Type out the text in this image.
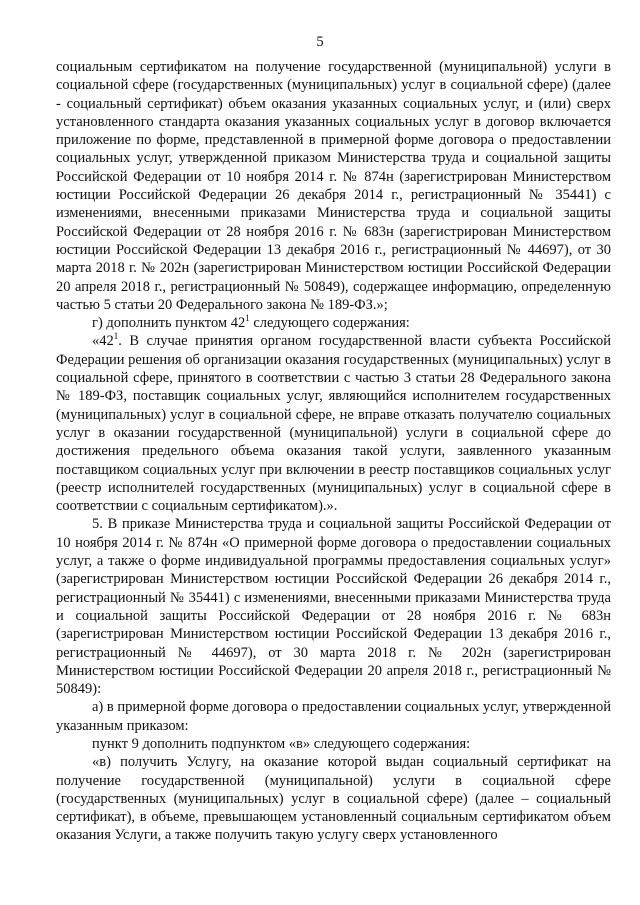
5

социальным сертификатом на получение государственной (муниципальной) услуги в социальной сфере (государственных (муниципальных) услуг в социальной сфере) (далее - социальный сертификат) объем оказания указанных социальных услуг, и (или) сверх установленного стандарта оказания указанных социальных услуг в договор включается приложение по форме, представленной в примерной форме договора о предоставлении социальных услуг, утвержденной приказом Министерства труда и социальной защиты Российской Федерации от 10 ноября 2014 г. № 874н (зарегистрирован Министерством юстиции Российской Федерации 26 декабря 2014 г., регистрационный № 35441) с изменениями, внесенными приказами Министерства труда и социальной защиты Российской Федерации от 28 ноября 2016 г. № 683н (зарегистрирован Министерством юстиции Российской Федерации 13 декабря 2016 г., регистрационный № 44697), от 30 марта 2018 г. № 202н (зарегистрирован Министерством юстиции Российской Федерации 20 апреля 2018 г., регистрационный № 50849), содержащее информацию, определенную частью 5 статьи 20 Федерального закона № 189-ФЗ.»;

г) дополнить пунктом $42^1$ следующего содержания:

«$42^1$. В случае принятия органом государственной власти субъекта Российской Федерации решения об организации оказания государственных (муниципальных) услуг в социальной сфере, принятого в соответствии с частью 3 статьи 28 Федерального закона № 189-ФЗ, поставщик социальных услуг, являющийся исполнителем государственных (муниципальных) услуг в социальной сфере, не вправе отказать получателю социальных услуг в оказании государственной (муниципальной) услуги в социальной сфере до достижения предельного объема оказания такой услуги, заявленного указанным поставщиком социальных услуг при включении в реестр поставщиков социальных услуг (реестр исполнителей государственных (муниципальных) услуг в социальной сфере в соответствии с социальным сертификатом).».

5. В приказе Министерства труда и социальной защиты Российской Федерации от 10 ноября 2014 г. № 874н «О примерной форме договора о предоставлении социальных услуг, а также о форме индивидуальной программы предоставления социальных услуг» (зарегистрирован Министерством юстиции Российской Федерации 26 декабря 2014 г., регистрационный № 35441) с изменениями, внесенными приказами Министерства труда и социальной защиты Российской Федерации от 28 ноября 2016 г. № 683н (зарегистрирован Министерством юстиции Российской Федерации 13 декабря 2016 г., регистрационный № 44697), от 30 марта 2018 г. № 202н (зарегистрирован Министерством юстиции Российской Федерации 20 апреля 2018 г., регистрационный № 50849):

а) в примерной форме договора о предоставлении социальных услуг, утвержденной указанным приказом:

пункт 9 дополнить подпунктом «в» следующего содержания:

«в) получить Услугу, на оказание которой выдан социальный сертификат на получение государственной (муниципальной) услуги в социальной сфере (государственных (муниципальных) услуг в социальной сфере) (далее – социальный сертификат), в объеме, превышающем установленный социальным сертификатом объем оказания Услуги, а также получить такую услугу сверх установленного
